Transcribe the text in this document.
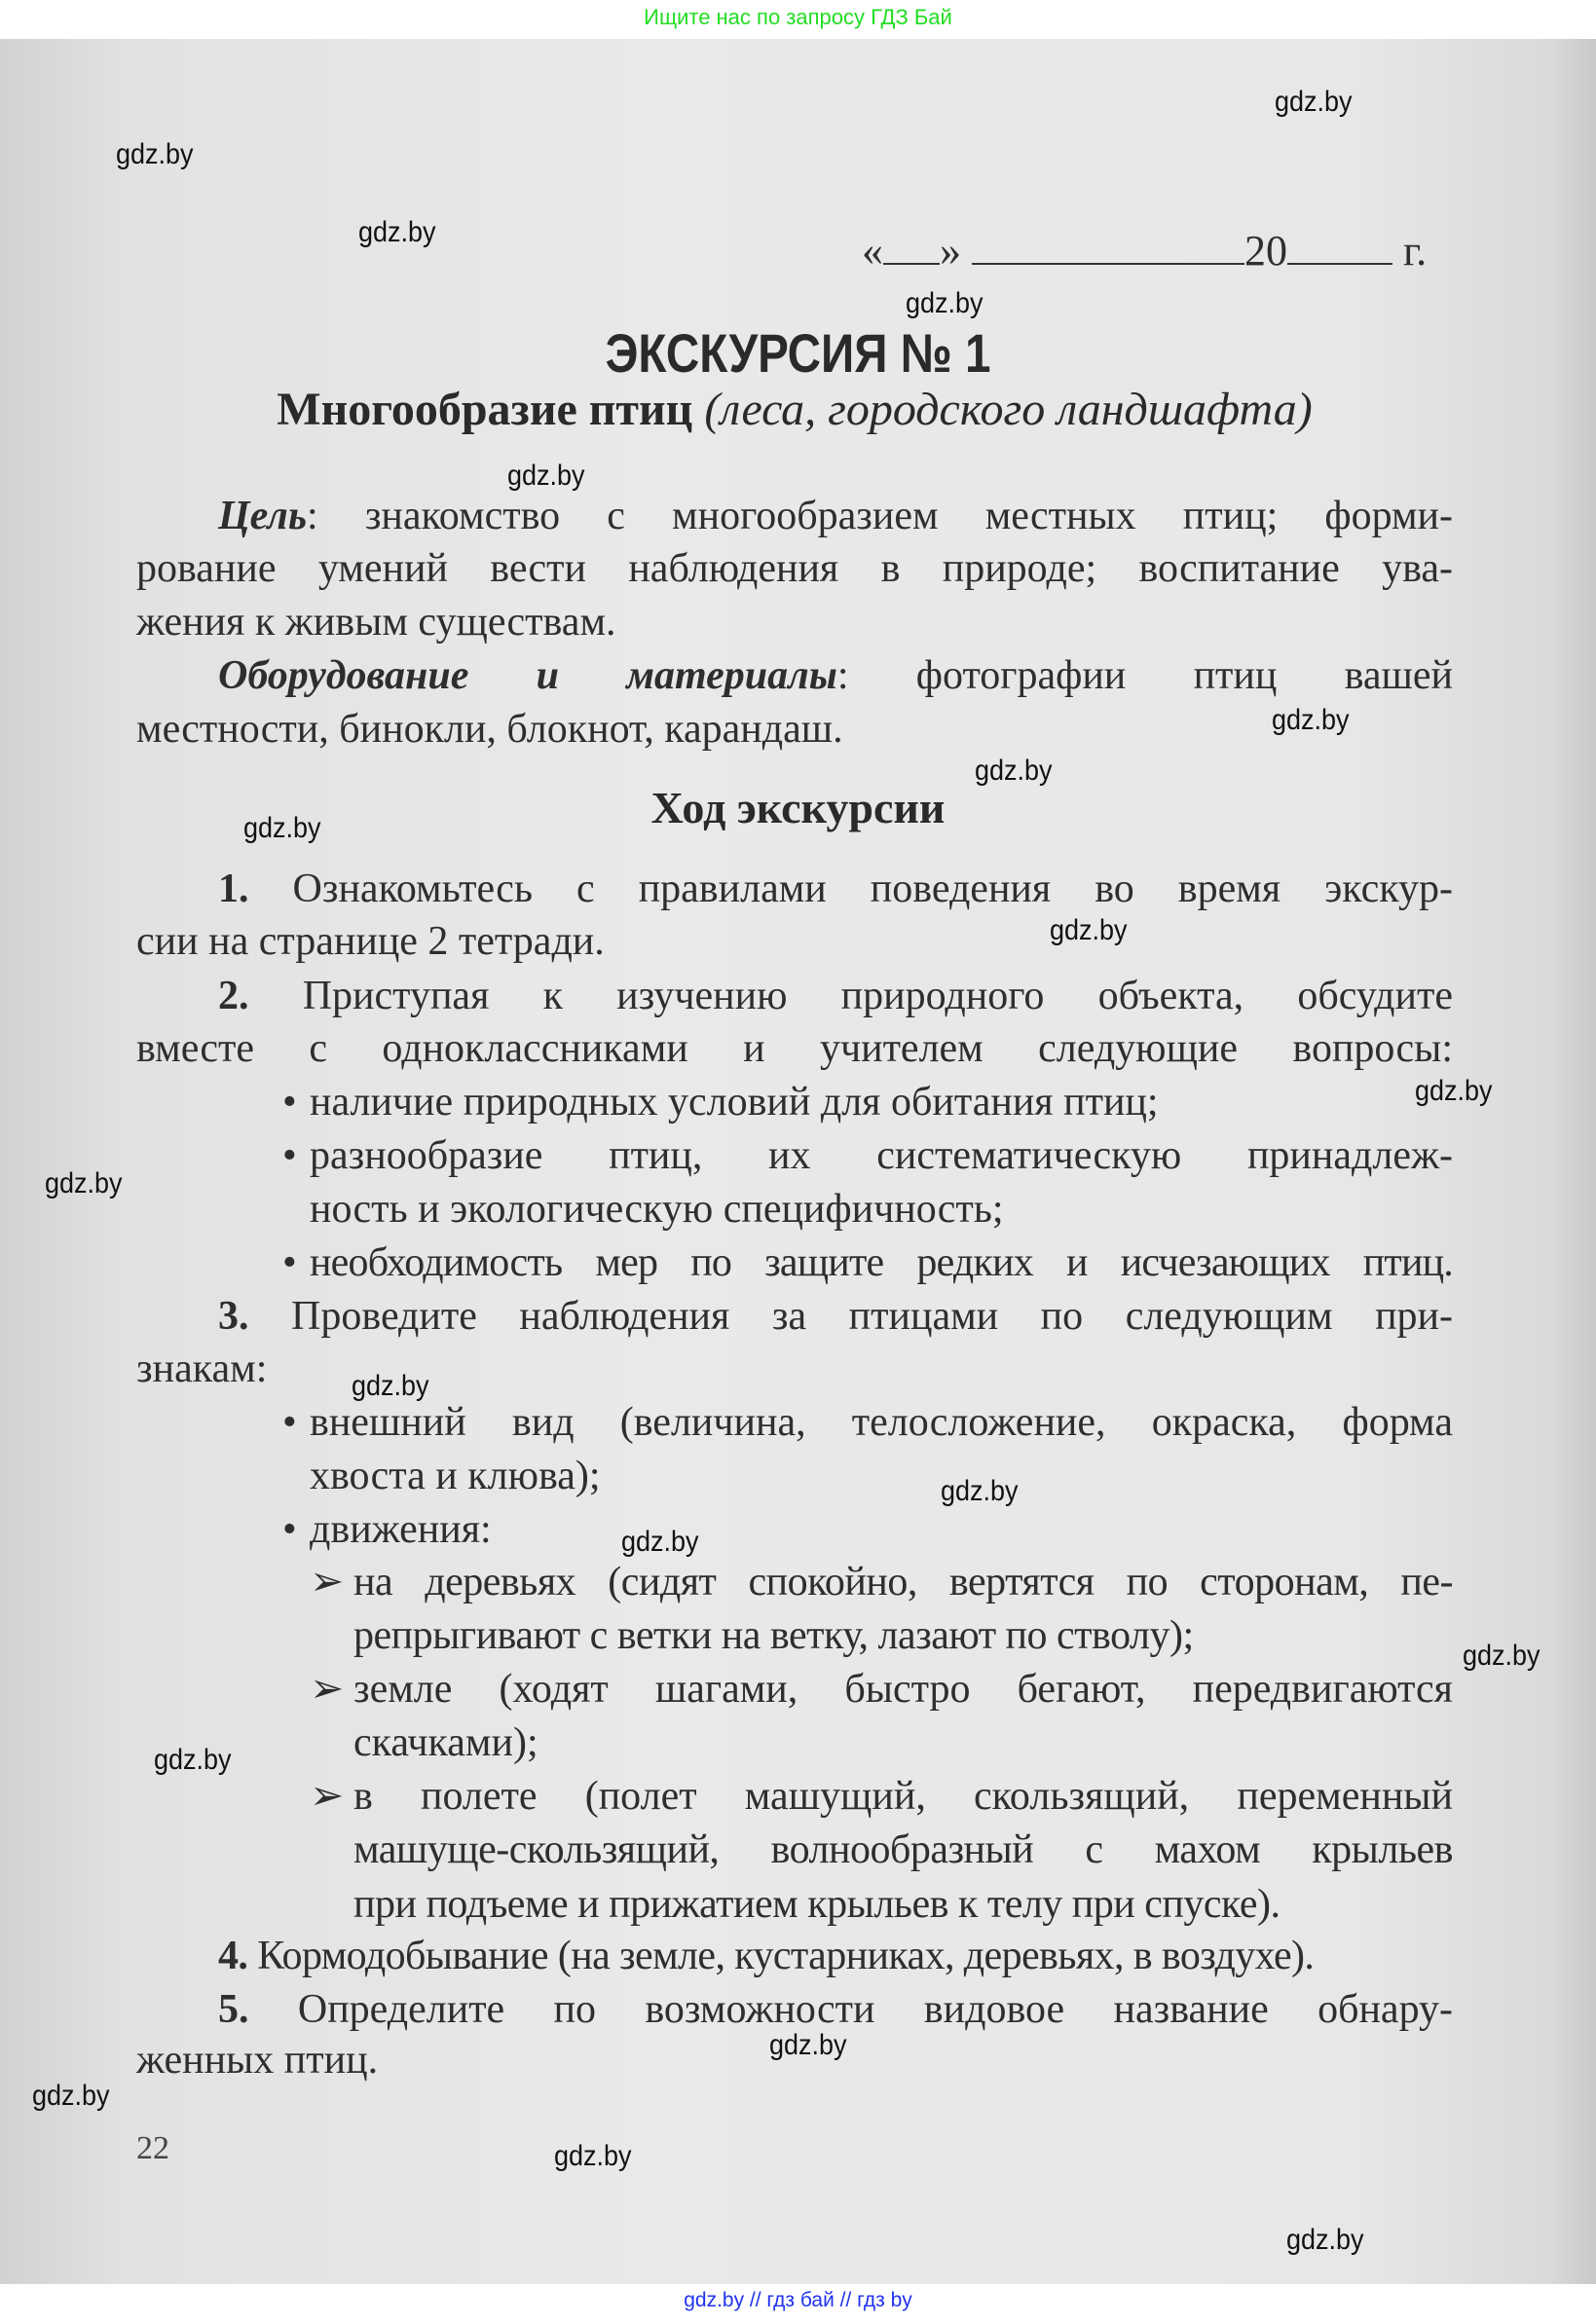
Ищите нас по запросу ГДЗ Бай
« »	20	г.
ЭКСКУРСИЯ № 1
Многообразие птиц (леса, городского ландшафта)
Цель: знакомство с многообразием местных птиц; форми-
рование умений вести наблюдения в природе; воспитание ува-
жения к живым существам.
Оборудование и материалы: фотографии птиц вашей
местности, бинокли, блокнот, карандаш.
Ход экскурсии
1. Ознакомьтесь с правилами поведения во время экскур-
сии на странице 2 тетради.
2. Приступая к изучению природного объекта, обсудите
вместе с одноклассниками и учителем следующие вопросы:
• наличие природных условий для обитания птиц;
• разнообразие птиц, их систематическую принадлеж-
ность и экологическую специфичность;
• необходимость мер по защите редких и исчезающих птиц.
3. Проведите наблюдения за птицами по следующим при-
знакам:
• внешний вид (величина, телосложение, окраска, форма
хвоста и клюва);
• движения:
➢ на деревьях (сидят спокойно, вертятся по сторонам, пе-
репрыгивают с ветки на ветку, лазают по стволу);
➢ земле (ходят шагами, быстро бегают, передвигаются
скачками);
➢ в полете (полет машущий, скользящий, переменный
машуще-скользящий, волнообразный с махом крыльев
при подъеме и прижатием крыльев к телу при спуске).
4. Кормодобывание (на земле, кустарниках, деревьях, в воздухе).
5. Определите по возможности видовое название обнару-
женных птиц.
22
gdz.by
gdz.by
gdz.by
gdz.by
gdz.by
gdz.by
gdz.by
gdz.by
gdz.by
gdz.by
gdz.by
gdz.by
gdz.by
gdz.by
gdz.by
gdz.by
gdz.by
gdz.by
gdz.by
gdz.by
gdz.by // гдз бай // гдз by
